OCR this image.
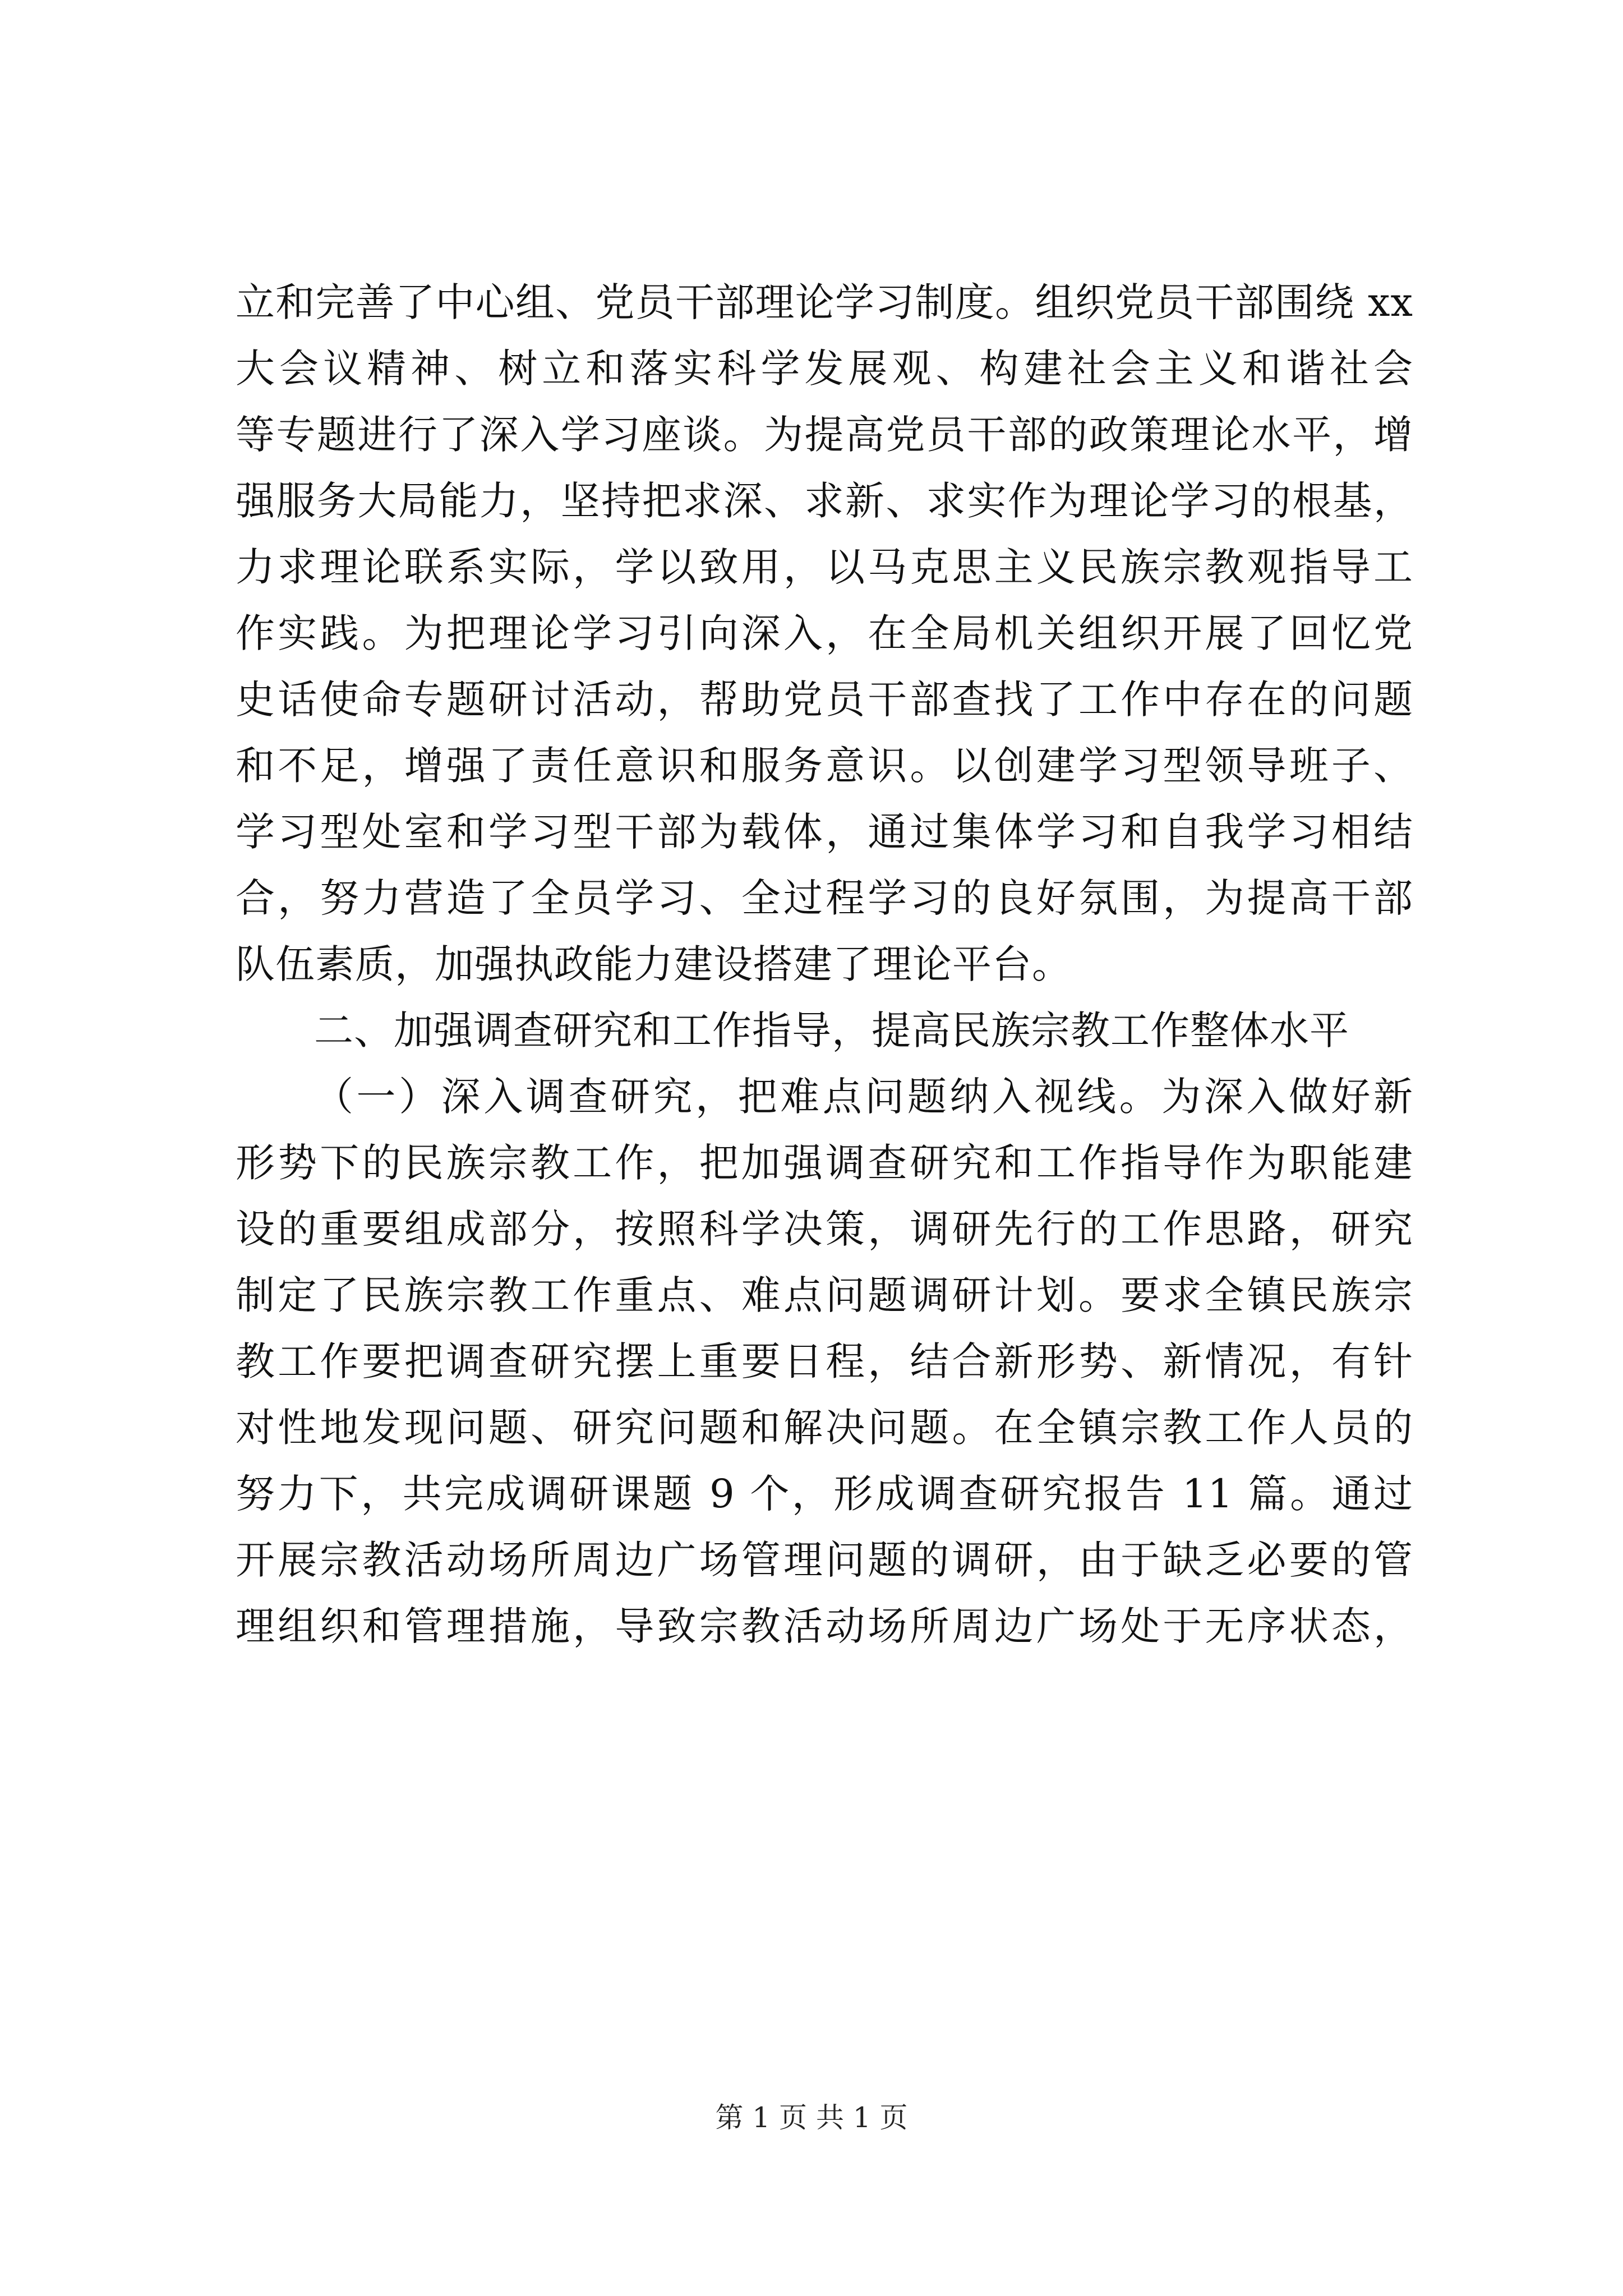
立和完善了中心组、党员干部理论学习制度。组织党员干部围绕 xx
大会议精神、树立和落实科学发展观、构建社会主义和谐社会
等专题进行了深入学习座谈。为提高党员干部的政策理论水平，增
强服务大局能力，坚持把求深、求新、求实作为理论学习的根基，
力求理论联系实际，学以致用，以马克思主义民族宗教观指导工
作实践。为把理论学习引向深入，在全局机关组织开展了回忆党
史话使命专题研讨活动，帮助党员干部查找了工作中存在的问题
和不足，增强了责任意识和服务意识。以创建学习型领导班子、
学习型处室和学习型干部为载体，通过集体学习和自我学习相结
合，努力营造了全员学习、全过程学习的良好氛围，为提高干部
队伍素质，加强执政能力建设搭建了理论平台。
二、加强调查研究和工作指导，提高民族宗教工作整体水平
（一）深入调查研究，把难点问题纳入视线。为深入做好新
形势下的民族宗教工作，把加强调查研究和工作指导作为职能建
设的重要组成部分，按照科学决策，调研先行的工作思路，研究
制定了民族宗教工作重点、难点问题调研计划。要求全镇民族宗
教工作要把调查研究摆上重要日程，结合新形势、新情况，有针
对性地发现问题、研究问题和解决问题。在全镇宗教工作人员的
努力下，共完成调研课题 9 个，形成调查研究报告 11 篇。通过
开展宗教活动场所周边广场管理问题的调研，由于缺乏必要的管
理组织和管理措施，导致宗教活动场所周边广场处于无序状态，
第 1 页 共 1 页
